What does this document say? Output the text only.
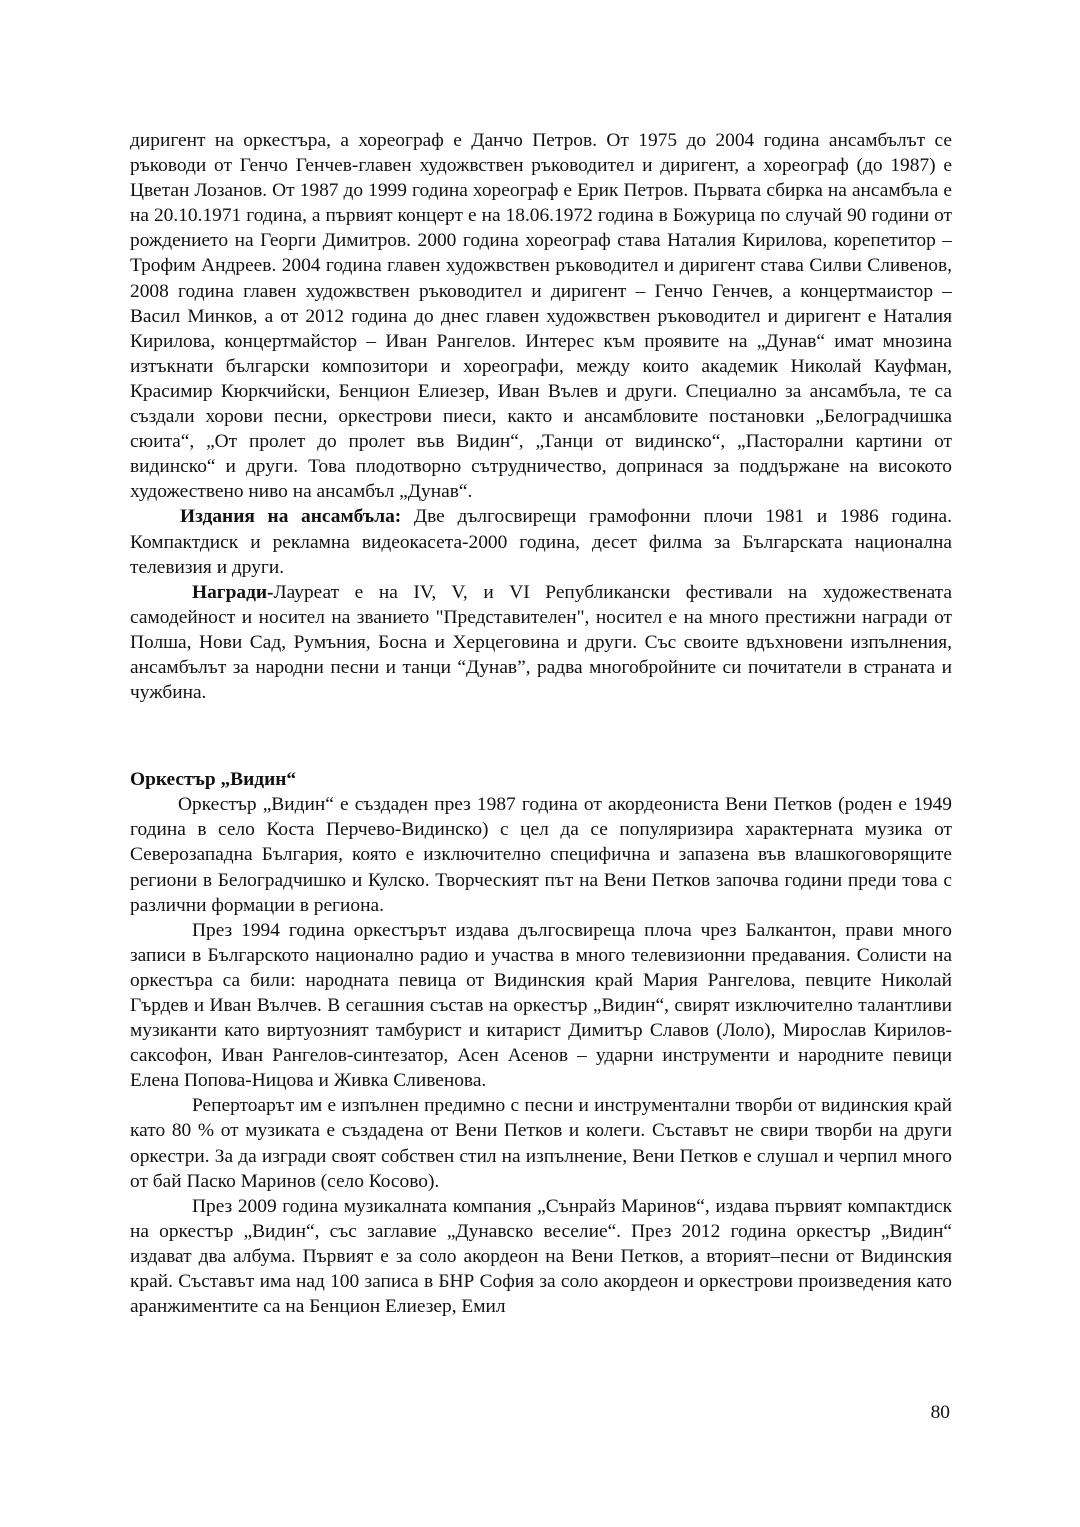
диригент на оркестъра, а хореограф е Данчо Петров. От 1975 до 2004 година ансамбълът се ръководи от Генчо Генчев-главен художвствен ръководител и диригент, а хореограф (до 1987) е Цветан Лозанов. От 1987 до 1999 година хореограф е Ерик Петров. Първата сбирка на ансамбъла е на 20.10.1971 година, а първият концерт е на 18.06.1972 година в Божурица по случай 90 години от рождението на Георги Димитров. 2000 година хореограф става Наталия Кирилова, корепетитор – Трофим Андреев. 2004 година главен художвствен ръководител и диригент става Силви Сливенов, 2008 година главен художвствен ръководител и диригент – Генчо Генчев, а концертмаистор – Васил Минков, а от 2012 година до днес главен художвствен ръководител и диригент е Наталия Кирилова, концертмайстор – Иван Рангелов. Интерес към проявите на „Дунав“ имат мнозина изтъкнати български композитори и хореографи, между които академик Николай Кауфман, Красимир Кюркчийски, Бенцион Елиезер, Иван Вълев и други. Специално за ансамбъла, те са създали хорови песни, оркестрови пиеси, както и ансамбловите постановки „Белоградчишка сюита“, „От пролет до пролет във Видин“, „Танци от видинско“, „Пасторални картини от видинско“ и други. Това плодотворно сътрудничество, допринася за поддържане на високото художествено ниво на ансамбъл „Дунав“.

Издания на ансамбъла: Две дългосвирещи грамофонни плочи 1981 и 1986 година. Компактдиск и рекламна видеокасета-2000 година, десет филма за Българската национална телевизия и други.

Награди-Лауреат е на IV, V, и VI Републикански фестивали на художествената самодейност и носител на званието "Представителен", носител е на много престижни награди от Полша, Нови Сад, Румъния, Босна и Херцеговина и други. Със своите вдъхновени изпълнения, ансамбълът за народни песни и танци “Дунав”, радва многобройните си почитатели в страната и чужбина.

Оркестър „Видин“

Оркестър „Видин“ е създаден през 1987 година от акордеониста Вени Петков (роден е 1949 година в село Коста Перчево-Видинско) с цел да се популяризира характерната музика от Северозападна България, която е изключително специфична и запазена във влашкоговорящите региони в Белоградчишко и Кулско. Творческият път на Вени Петков започва години преди това с различни формации в региона.

През 1994 година оркестърът издава дългосвиреща плоча чрез Балкантон, прави много записи в Българското национално радио и участва в много телевизионни предавания. Солисти на оркестъра са били: народната певица от Видинския край Мария Рангелова, певците Николай Гърдев и Иван Вълчев. В сегашния състав на оркестър „Видин“, свирят изключително талантливи музиканти като виртуозният тамбурист и китарист Димитър Славов (Лоло), Мирослав Кирилов-саксофон, Иван Рангелов-синтезатор, Асен Асенов – ударни инструменти и народните певици Елена Попова-Ницова и Живка Сливенова.

Репертоарът им е изпълнен предимно с песни и инструментални творби от видинския край като 80 % от музиката е създадена от Вени Петков и колеги. Съставът не свири творби на други оркестри. За да изгради своят собствен стил на изпълнение, Вени Петков е слушал и черпил много от бай Паско Маринов (село Косово).

През 2009 година музикалната компания „Сънрайз Маринов“, издава първият компактдиск на оркестър „Видин“, със заглавие „Дунавско веселие“. През 2012 година оркестър „Видин“ издават два албума. Първият е за соло акордеон на Вени Петков, а вторият–песни от Видинския край. Съставът има над 100 записа в БНР София за соло акордеон и оркестрови произведения като аранжиментите са на Бенцион Елиезер, Емил

80
